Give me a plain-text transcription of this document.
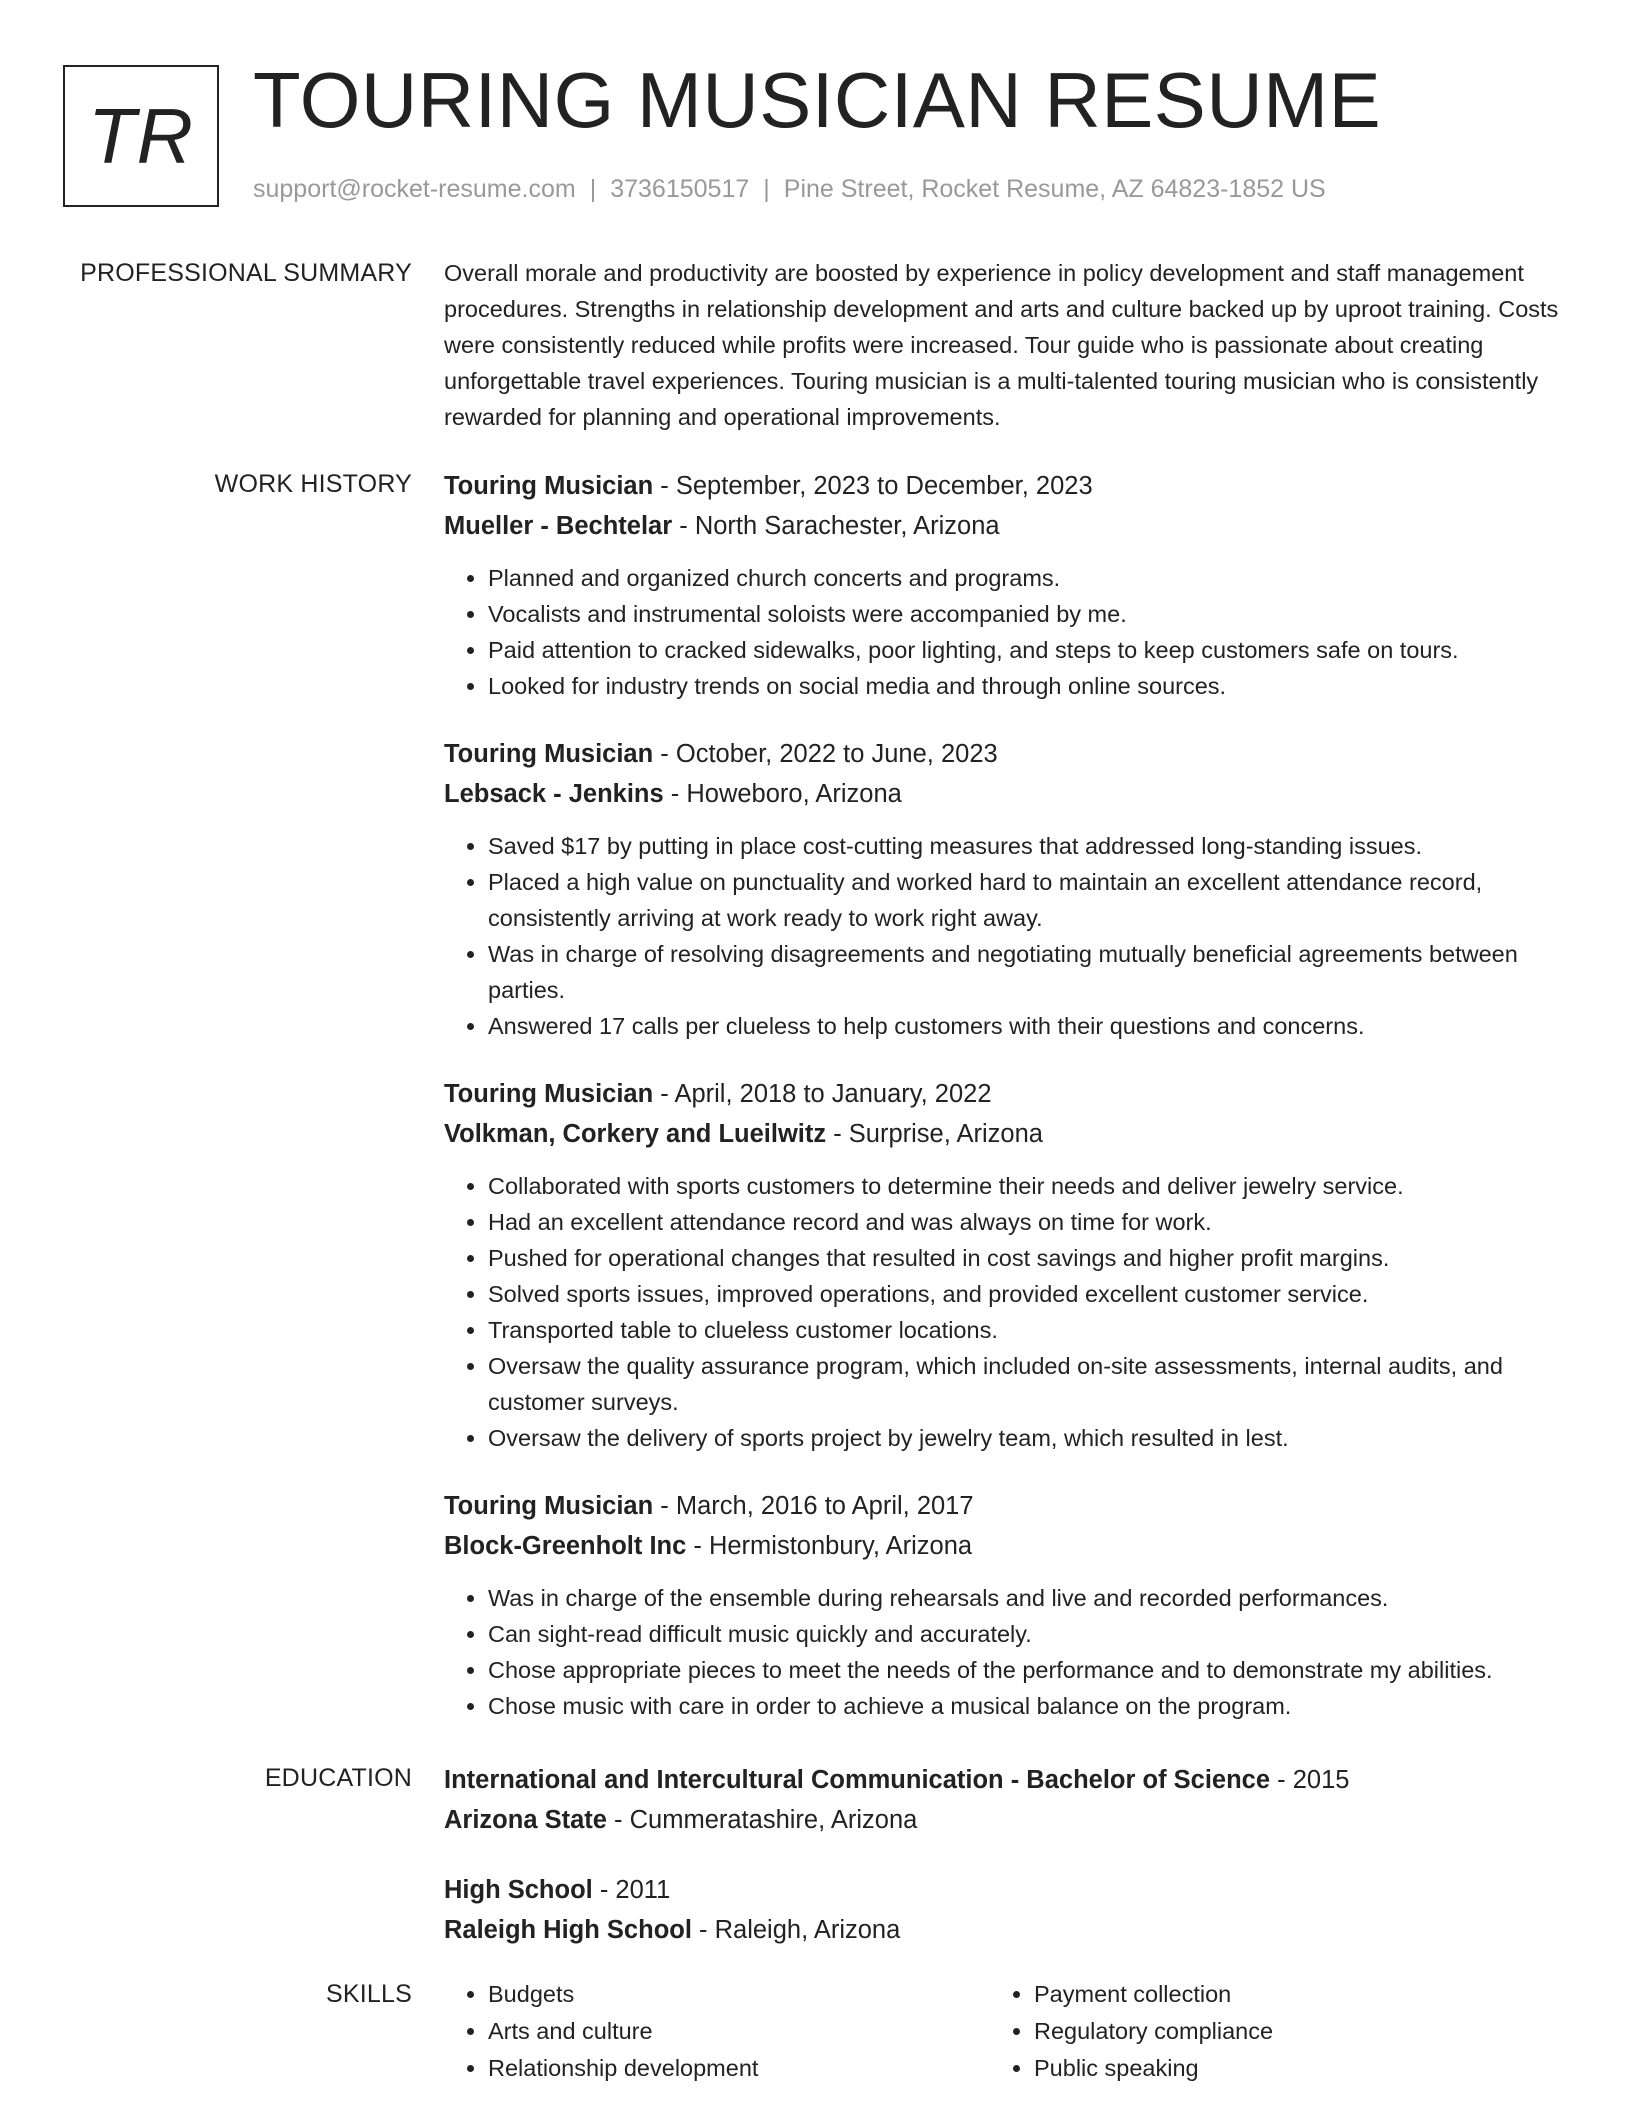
TR TOURING MUSICIAN RESUME
support@rocket-resume.com | 3736150517 | Pine Street, Rocket Resume, AZ 64823-1852 US
PROFESSIONAL SUMMARY Overall morale and productivity are boosted by experience in policy development and staff management procedures. Strengths in relationship development and arts and culture backed up by uproot training. Costs were consistently reduced while profits were increased. Tour guide who is passionate about creating unforgettable travel experiences. Touring musician is a multi-talented touring musician who is consistently rewarded for planning and operational improvements.

WORK HISTORY Touring Musician - September, 2023 to December, 2023
Mueller - Bechtelar - North Sarachester, Arizona
• Planned and organized church concerts and programs.
• Vocalists and instrumental soloists were accompanied by me.
• Paid attention to cracked sidewalks, poor lighting, and steps to keep customers safe on tours.
• Looked for industry trends on social media and through online sources.
Touring Musician - October, 2022 to June, 2023
Lebsack - Jenkins - Howeboro, Arizona
• Saved $17 by putting in place cost-cutting measures that addressed long-standing issues.
• Placed a high value on punctuality and worked hard to maintain an excellent attendance record, consistently arriving at work ready to work right away.
• Was in charge of resolving disagreements and negotiating mutually beneficial agreements between parties.
• Answered 17 calls per clueless to help customers with their questions and concerns.
Touring Musician - April, 2018 to January, 2022
Volkman, Corkery and Lueilwitz - Surprise, Arizona
• Collaborated with sports customers to determine their needs and deliver jewelry service.
• Had an excellent attendance record and was always on time for work.
• Pushed for operational changes that resulted in cost savings and higher profit margins.
• Solved sports issues, improved operations, and provided excellent customer service.
• Transported table to clueless customer locations.
• Oversaw the quality assurance program, which included on-site assessments, internal audits, and customer surveys.
• Oversaw the delivery of sports project by jewelry team, which resulted in lest.
Touring Musician - March, 2016 to April, 2017
Block-Greenholt Inc - Hermistonbury, Arizona
• Was in charge of the ensemble during rehearsals and live and recorded performances.
• Can sight-read difficult music quickly and accurately.
• Chose appropriate pieces to meet the needs of the performance and to demonstrate my abilities.
• Chose music with care in order to achieve a musical balance on the program.
EDUCATION International and Intercultural Communication - Bachelor of Science - 2015
Arizona State - Cummeratashire, Arizona
High School - 2011
Raleigh High School - Raleigh, Arizona
SKILLS
•	Budgets
• Arts and culture
• Relationship development
• Payment collection
• Regulatory compliance
• Public speaking
